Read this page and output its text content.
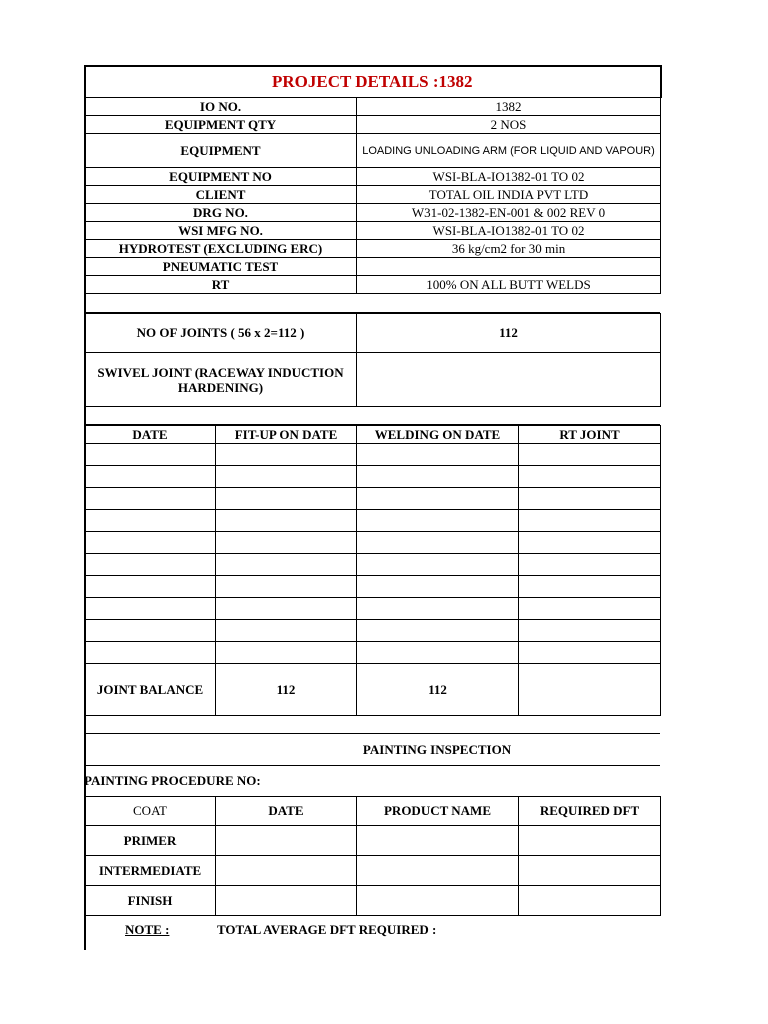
PROJECT DETAILS :1382	
IO NO.	1382
EQUIPMENT QTY	2 NOS
EQUIPMENT	LOADING UNLOADING ARM (FOR LIQUID AND VAPOUR)
EQUIPMENT NO	WSI-BLA-IO1382-01 TO 02
CLIENT	TOTAL OIL INDIA PVT LTD
DRG NO.	W31-02-1382-EN-001 & 002 REV 0
WSI MFG NO.	WSI-BLA-IO1382-01 TO 02
HYDROTEST (EXCLUDING ERC)	36 kg/cm2 for 30 min
PNEUMATIC TEST	
RT	100% ON ALL BUTT WELDS
NO OF JOINTS ( 56 x 2=112 )	112
SWIVEL JOINT (RACEWAY INDUCTION HARDENING)	
DATE	FIT-UP ON DATE	WELDING ON DATE	RT JOINT

JOINT BALANCE	112	112	
PAINTING INSPECTION
PAINTING PROCEDURE NO:
COAT	DATE	PRODUCT NAME	REQUIRED DFT
PRIMER			
INTERMEDIATE			
FINISH			
NOTE :	TOTAL AVERAGE DFT REQUIRED :
